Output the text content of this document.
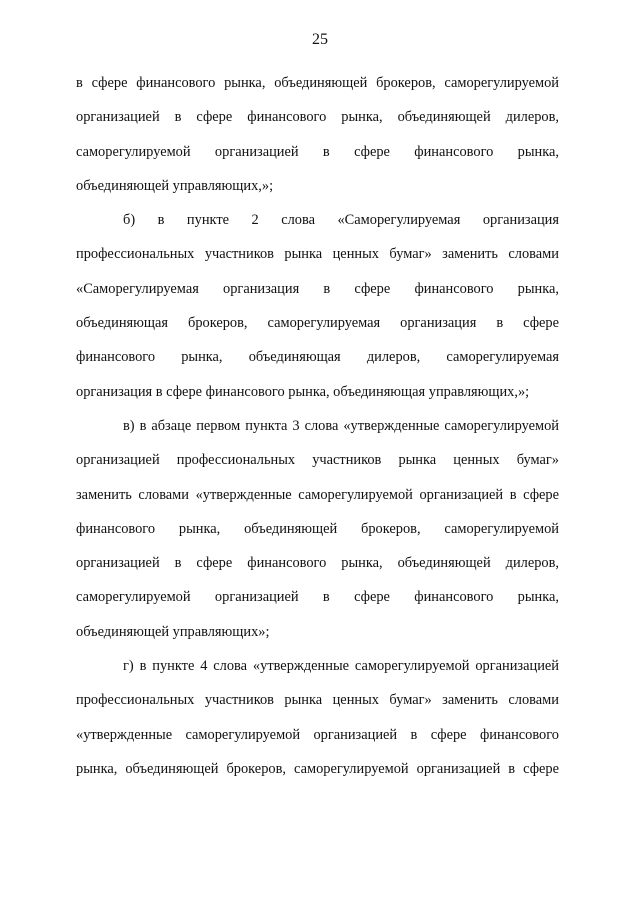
25
в сфере финансового рынка, объединяющей брокеров, саморегулируемой
организацией в сфере финансового рынка, объединяющей дилеров,
саморегулируемой организацией в сфере финансового рынка,
объединяющей управляющих,»;
б) в пункте 2 слова «Саморегулируемая организация
профессиональных участников рынка ценных бумаг» заменить словами
«Саморегулируемая организация в сфере финансового рынка,
объединяющая брокеров, саморегулируемая организация в сфере
финансового рынка, объединяющая дилеров, саморегулируемая
организация в сфере финансового рынка, объединяющая управляющих,»;
в) в абзаце первом пункта 3 слова «утвержденные саморегулируемой
организацией профессиональных участников рынка ценных бумаг»
заменить словами «утвержденные саморегулируемой организацией в сфере
финансового рынка, объединяющей брокеров, саморегулируемой
организацией в сфере финансового рынка, объединяющей дилеров,
саморегулируемой организацией в сфере финансового рынка,
объединяющей управляющих»;
г) в пункте 4 слова «утвержденные саморегулируемой организацией
профессиональных участников рынка ценных бумаг» заменить словами
«утвержденные саморегулируемой организацией в сфере финансового
рынка, объединяющей брокеров, саморегулируемой организацией в сфере
